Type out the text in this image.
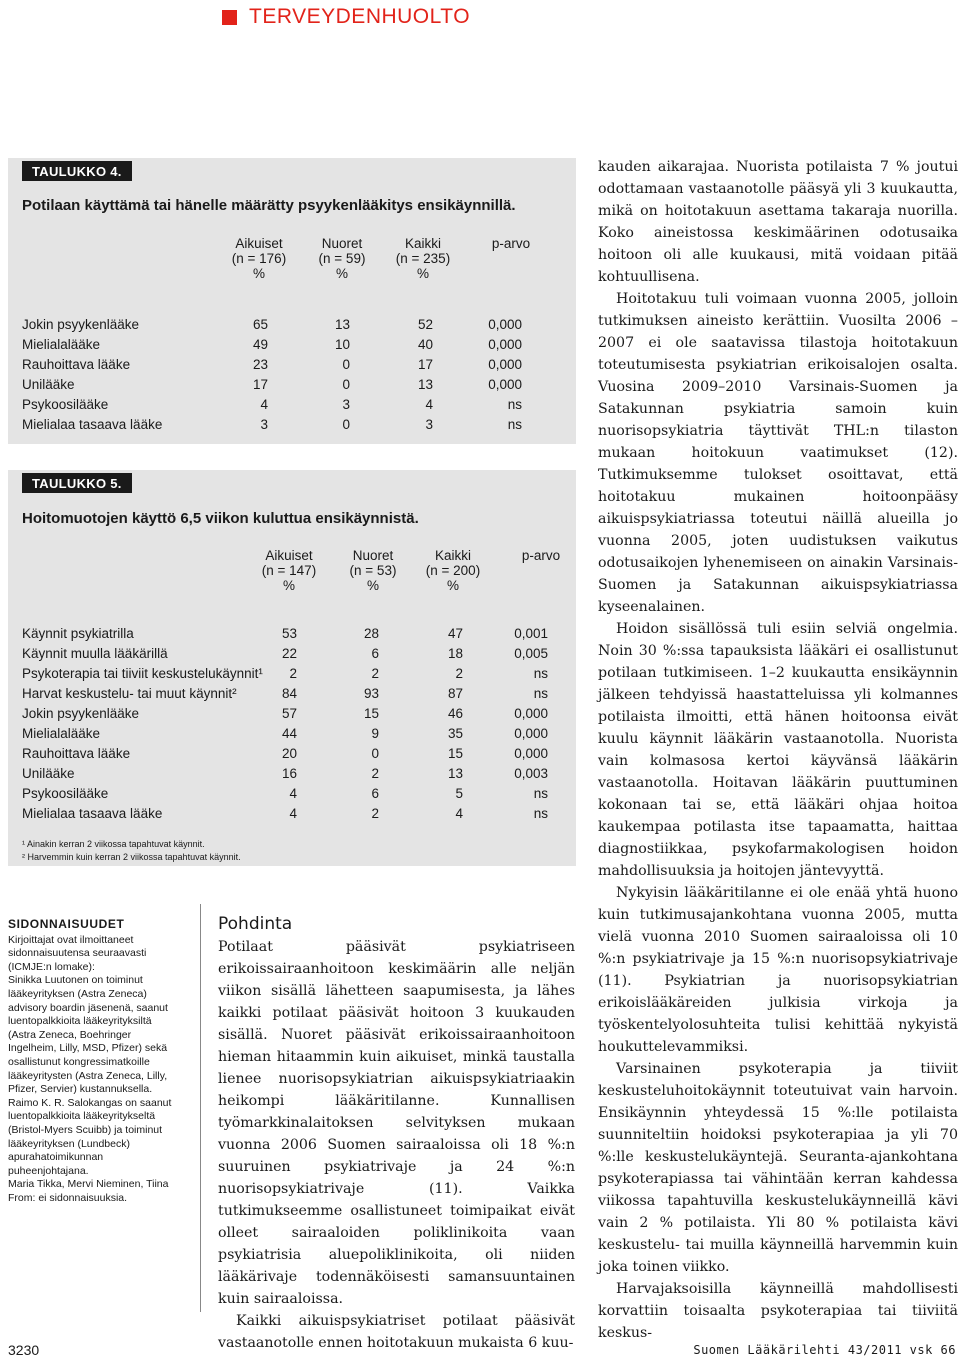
TERVEYDENHUOLTO
TAULUKKO 4.
Potilaan käyttämä tai hänelle määrätty psyykenlääkitys ensikäynnillä.
Aikuiset
(n = 176)
%
Nuoret
(n = 59)
%
Kaikki
(n = 235)
%
p-arvo
Jokin psyykenlääke	65	13	52	0,000
Mielialalääke	49	10	40	0,000
Rauhoittava lääke	23	0	17	0,000
Unilääke	17	0	13	0,000
Psykoosilääke	4	3	4	ns
Mielialaa tasaava lääke	3	0	3	ns
TAULUKKO 5.
Hoitomuotojen käyttö 6,5 viikon kuluttua ensikäynnistä.
Aikuiset
(n = 147)
%
Nuoret
(n = 53)
%
Kaikki
(n = 200)
%
p-arvo
Käynnit psykiatrilla	53	28	47	0,001
Käynnit muulla lääkärillä	22	6	18	0,005
Psykoterapia tai tiiviit keskustelukäynnit¹	2	2	2	ns
Harvat keskustelu- tai muut käynnit²	84	93	87	ns
Jokin psyykenlääke	57	15	46	0,000
Mielialalääke	44	9	35	0,000
Rauhoittava lääke	20	0	15	0,000
Unilääke	16	2	13	0,003
Psykoosilääke	4	6	5	ns
Mielialaa tasaava lääke	4	2	4	ns
¹ Ainakin kerran 2 viikossa tapahtuvat käynnit.
² Harvemmin kuin kerran 2 viikossa tapahtuvat käynnit.
SIDONNAISUUDET

Kirjoittajat ovat ilmoittaneet sidonnaisuutensa seuraavasti (ICMJE:n lomake):

Sinikka Luutonen on toiminut lääkeyrityksen (Astra Zeneca) advisory boardin jäsenenä, saanut luentopalkkioita lääkeyrityksiltä (Astra Zeneca, Boehringer Ingelheim, Lilly, MSD, Pfizer) sekä osallistunut kongressimatkoille lääkeyritysten (Astra Zeneca, Lilly, Pfizer, Servier) kustannuksella.

Raimo K. R. Salokangas on saanut luentopalkkioita lääkeyritykseltä (Bristol-Myers Scuibb) ja toiminut lääkeyrityksen (Lundbeck) apurahatoimikunnan puheenjohtajana.

Maria Tikka, Mervi Nieminen, Tiina From: ei sidonnaisuuksia.

Pohdinta

Potilaat pääsivät psykiatriseen erikoissairaanhoitoon keskimäärin alle neljän viikon sisällä lähetteen saapumisesta, ja lähes kaikki potilaat pääsivät hoitoon 3 kuukauden sisällä. Nuoret pääsivät erikoissairaanhoitoon hieman hitaammin kuin aikuiset, minkä taustalla lienee nuorisopsykiatrian aikuispsykiatriaakin heikompi lääkäritilanne. Kunnallisen työmarkkinalaitoksen selvityksen mukaan vuonna 2006 Suomen sairaaloissa oli 18 %:n suuruinen psykiatrivaje ja 24 %:n nuorisopsykiatrivaje (11). Vaikka tutkimukseemme osallistuneet toimipaikat eivät olleet sairaaloiden poliklinikoita vaan psykiatrisia aluepoliklinikoita, oli niiden lääkärivaje todennäköisesti samansuuntainen kuin sairaaloissa.

Kaikki aikuispsykiatriset potilaat pääsivät vastaanotolle ennen hoitotakuun mukaista 6 kuu-

kauden aikarajaa. Nuorista potilaista 7 % joutui odottamaan vastaanotolle pääsyä yli 3 kuukautta, mikä on hoitotakuun asettama takaraja nuorilla. Koko aineistossa keskimäärinen odotusaika hoitoon oli alle kuukausi, mitä voidaan pitää kohtuullisena.

Hoitotakuu tuli voimaan vuonna 2005, jolloin tutkimuksen aineisto kerättiin. Vuosilta 2006 – 2007 ei ole saatavissa tilastoja hoitotakuun toteutumisesta psykiatrian erikoisalojen osalta. Vuosina 2009–2010 Varsinais-Suomen ja Satakunnan psykiatria samoin kuin nuorisopsykiatria täyttivät THL:n tilaston mukaan hoitokuun vaatimukset (12). Tutkimuksemme tulokset osoittavat, että hoitotakuu mukainen hoitoonpääsy aikuispsykiatriassa toteutui näillä alueilla jo vuonna 2005, joten uudistuksen vaikutus odotusaikojen lyhenemiseen on ainakin Varsinais-Suomen ja Satakunnan aikuispsykiatriassa kyseenalainen.

Hoidon sisällössä tuli esiin selviä ongelmia. Noin 30 %:ssa tapauksista lääkäri ei osallistunut potilaan tutkimiseen. 1–2 kuukautta ensikäynnin jälkeen tehdyissä haastatteluissa yli kolmannes potilaista ilmoitti, että hänen hoitoonsa eivät kuulu käynnit lääkärin vastaanotolla. Nuorista vain kolmasosa kertoi käyvänsä lääkärin vastaanotolla. Hoitavan lääkärin puuttuminen kokonaan tai se, että lääkäri ohjaa hoitoa kaukempaa potilasta itse tapaamatta, haittaa diagnostiikkaa, psykofarmakologisen hoidon mahdollisuuksia ja hoitojen jäntevyyttä.

Nykyisin lääkäritilanne ei ole enää yhtä huono kuin tutkimusajankohtana vuonna 2005, mutta vielä vuonna 2010 Suomen sairaaloissa oli 10 %:n psykiatrivaje ja 15 %:n nuorisopsykiatrivaje (11). Psykiatrian ja nuorisopsykiatrian erikoislääkäreiden julkisia virkoja ja työskentelyolosuhteita tulisi kehittää nykyistä houkuttelevammiksi.

Varsinainen psykoterapia ja tiiviit keskusteluhoitokäynnit toteutuivat vain harvoin. Ensikäynnin yhteydessä 15 %:lle potilaista suunniteltiin hoidoksi psykoterapiaa ja yli 70 %:lle keskustelukäyntejä. Seuranta-ajankohtana psykoterapiassa tai vähintään kerran kahdessa viikossa tapahtuvilla keskustelukäynneillä kävi vain 2 % potilaista. Yli 80 % potilaista kävi keskustelu- tai muilla käynneillä harvemmin kuin joka toinen viikko.

Harvajaksoisilla käynneillä mahdollisesti korvattiin toisaalta psykoterapiaa tai tiiviitä keskus-

3230	Suomen Lääkärilehti 43/2011 vsk 66
